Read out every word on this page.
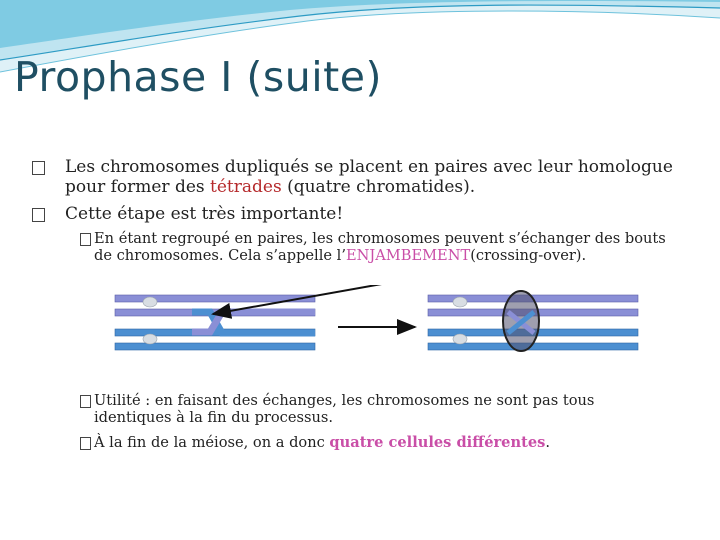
Prophase I (suite)
Les chromosomes dupliqués se placent en paires avec leur homologue pour former des tétrades (quatre chromatides).
Cette étape est très importante!
En étant regroupé en paires, les chromosomes peuvent s’échanger des bouts de chromosomes. Cela s’appelle l’ENJAMBEMENT(crossing-over).
Utilité : en faisant des échanges, les chromosomes ne sont pas tous identiques à la fin du processus.
À la fin de la méiose, on a donc quatre cellules différentes.
